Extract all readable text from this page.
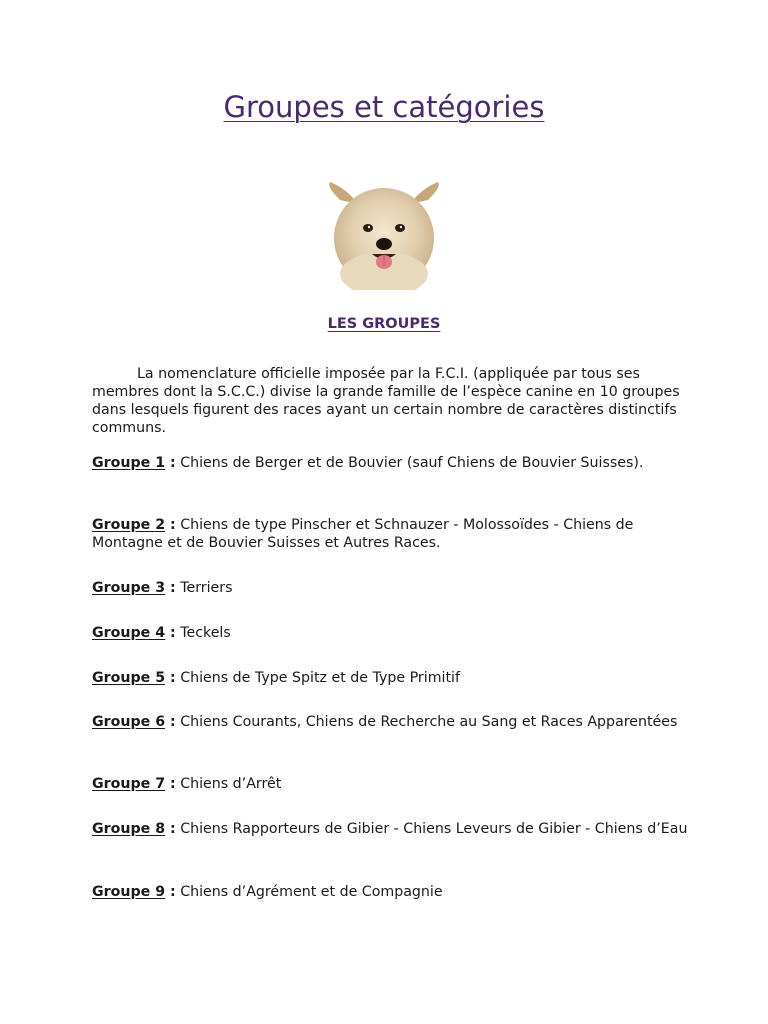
Groupes et catégories
LES GROUPES

La nomenclature officielle imposée par la F.C.I. (appliquée par tous ses membres dont la S.C.C.) divise la grande famille de l’espèce canine en 10 groupes dans lesquels figurent des races ayant un certain nombre de caractères distinctifs communs.

Groupe 1 : Chiens de Berger et de Bouvier (sauf Chiens de Bouvier Suisses).

Groupe 2 : Chiens de type Pinscher et Schnauzer - Molossoïdes - Chiens de Montagne et de Bouvier Suisses et Autres Races.

Groupe 3 : Terriers

Groupe 4 : Teckels

Groupe 5 : Chiens de Type Spitz et de Type Primitif

Groupe 6 : Chiens Courants, Chiens de Recherche au Sang et Races Apparentées

Groupe 7 : Chiens d’Arrêt

Groupe 8 : Chiens Rapporteurs de Gibier - Chiens Leveurs de Gibier - Chiens d’Eau

Groupe 9 : Chiens d’Agrément et de Compagnie
